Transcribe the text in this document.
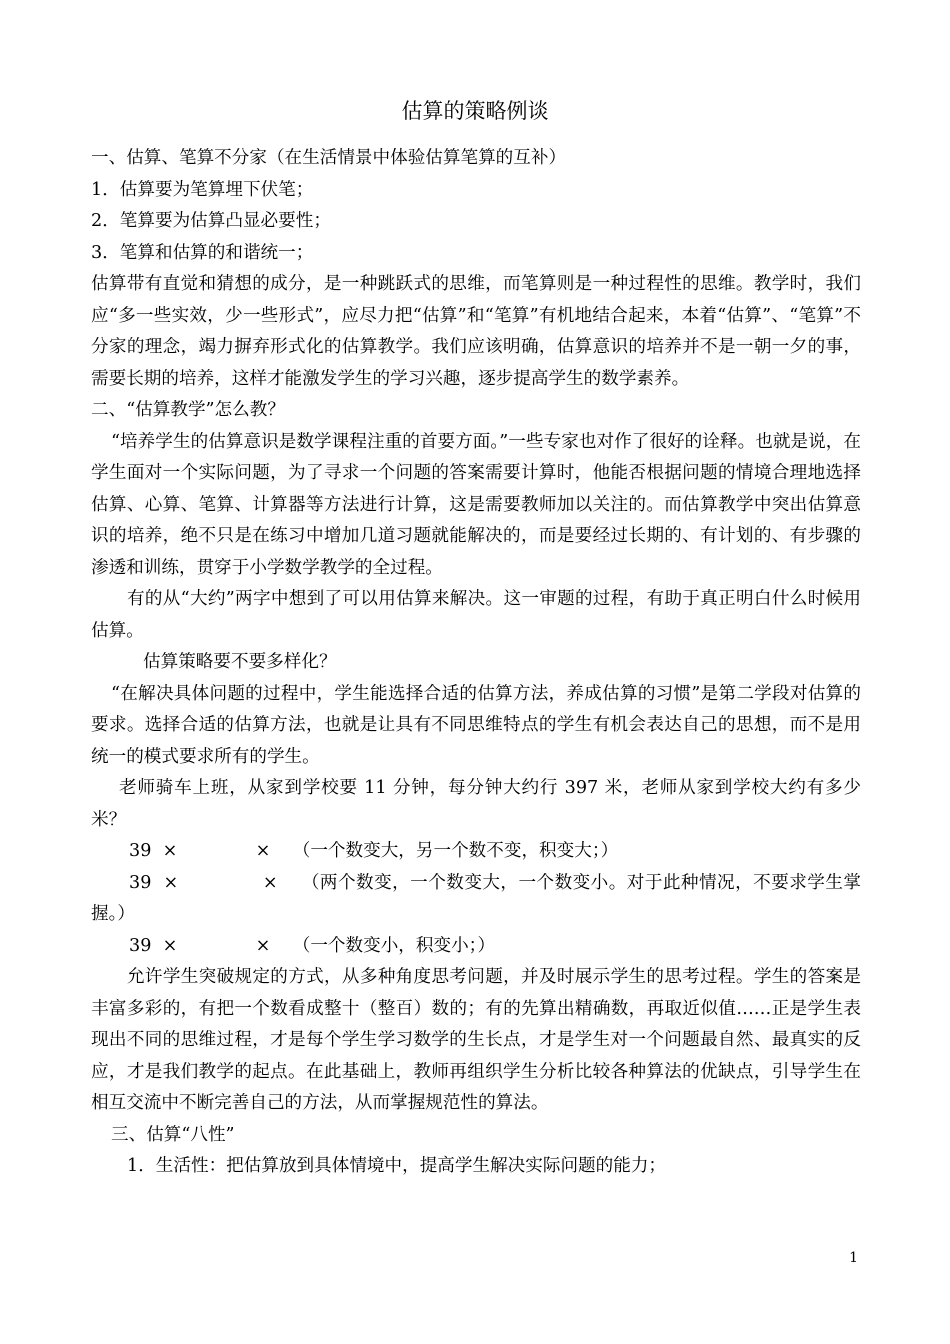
估算的策略例谈

一、估算、笔算不分家（在生活情景中体验估算笔算的互补）

1．估算要为笔算埋下伏笔；

2．笔算要为估算凸显必要性；

3．笔算和估算的和谐统一；

估算带有直觉和猜想的成分，是一种跳跃式的思维，而笔算则是一种过程性的思维。教学时，我们应“多一些实效，少一些形式”，应尽力把“估算”和“笔算”有机地结合起来，本着“估算”、“笔算”不分家的理念，竭力摒弃形式化的估算教学。我们应该明确，估算意识的培养并不是一朝一夕的事，需要长期的培养，这样才能激发学生的学习兴趣，逐步提高学生的数学素养。

二、“估算教学”怎么教？

“培养学生的估算意识是数学课程注重的首要方面。”一些专家也对作了很好的诠释。也就是说，在学生面对一个实际问题，为了寻求一个问题的答案需要计算时，他能否根据问题的情境合理地选择估算、心算、笔算、计算器等方法进行计算，这是需要教师加以关注的。而估算教学中突出估算意识的培养，绝不只是在练习中增加几道习题就能解决的，而是要经过长期的、有计划的、有步骤的渗透和训练，贯穿于小学数学教学的全过程。

有的从“大约”两字中想到了可以用估算来解决。这一审题的过程，有助于真正明白什么时候用估算。

估算策略要不要多样化？

“在解决具体问题的过程中，学生能选择合适的估算方法，养成估算的习惯”是第二学段对估算的要求。选择合适的估算方法，也就是让具有不同思维特点的学生有机会表达自己的思想，而不是用统一的模式要求所有的学生。

老师骑车上班，从家到学校要 11 分钟，每分钟大约行 397 米，老师从家到学校大约有多少米？

39  ×              ×    （一个数变大，另一个数不变，积变大；）

39  ×              ×    （两个数变，一个数变大，一个数变小。对于此种情况，不要求学生掌握。）

39  ×              ×    （一个数变小，积变小；）

允许学生突破规定的方式，从多种角度思考问题，并及时展示学生的思考过程。学生的答案是丰富多彩的，有把一个数看成整十（整百）数的；有的先算出精确数，再取近似值……正是学生表现出不同的思维过程，才是每个学生学习数学的生长点，才是学生对一个问题最自然、最真实的反应，才是我们教学的起点。在此基础上，教师再组织学生分析比较各种算法的优缺点，引导学生在相互交流中不断完善自己的方法，从而掌握规范性的算法。

三、估算“八性”

1．生活性：把估算放到具体情境中，提高学生解决实际问题的能力；

1
